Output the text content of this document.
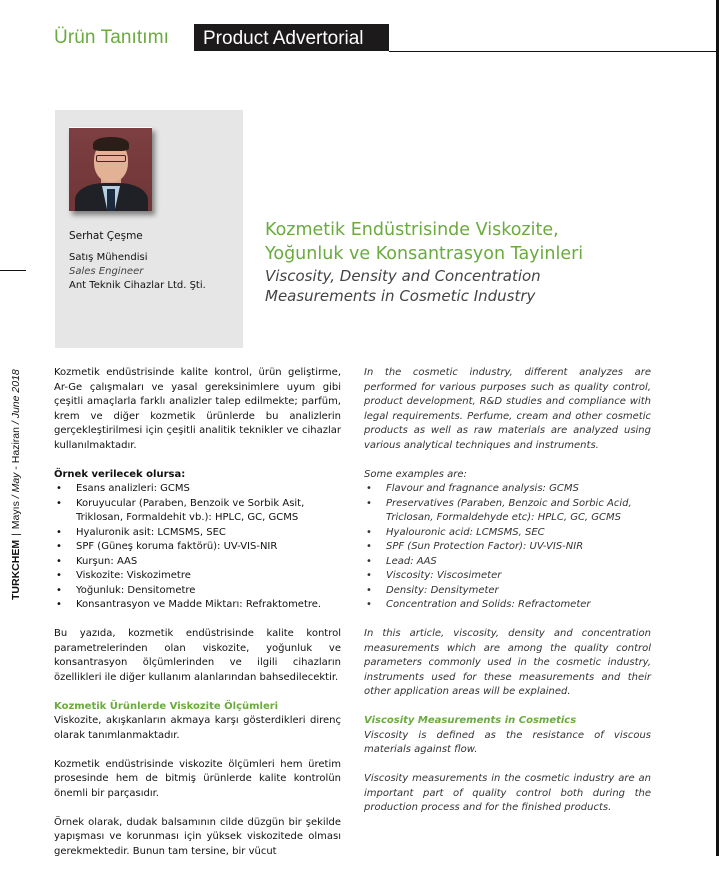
Ürün Tanıtımı	Product Advertorial
TURKCHEM|Mayıs / May - Haziran / June 2018
Serhat Çeşme
Satış Mühendisi
Sales Engineer
Ant Teknik Cihazlar Ltd. Şti.
Kozmetik Endüstrisinde Viskozite,
Yoğunluk ve Konsantrasyon Tayinleri
Viscosity, Density and Concentration
Measurements in Cosmetic Industry

Kozmetik endüstrisinde kalite kontrol, ürün geliştirme, Ar-Ge çalışmaları ve yasal gereksinimlere uyum gibi çeşitli amaçlarla farklı analizler talep edilmekte; parfüm, krem ve diğer kozmetik ürünlerde bu analizlerin gerçekleştirilmesi için çeşitli analitik teknikler ve cihazlar kullanılmaktadır.

Örnek verilecek olursa:

• Esans analizleri: GCMS
• Koruyucular (Paraben, Benzoik ve Sorbik Asit, Triklosan, Formaldehit vb.): HPLC, GC, GCMS
• Hyaluronik asit: LCMSMS, SEC
• SPF (Güneş koruma faktörü): UV-VIS-NIR
• Kurşun: AAS
• Viskozite: Viskozimetre
• Yoğunluk: Densitometre
• Konsantrasyon ve Madde Miktarı: Refraktometre.

Bu yazıda, kozmetik endüstrisinde kalite kontrol parametrelerinden olan viskozite, yoğunluk ve konsantrasyon ölçümlerinden ve ilgili cihazların özellikleri ile diğer kullanım alanlarından bahsedilecektir.

Kozmetik Ürünlerde Viskozite Ölçümleri

Viskozite, akışkanların akmaya karşı gösterdikleri direnç olarak tanımlanmaktadır.

Kozmetik endüstrisinde viskozite ölçümleri hem üretim prosesinde hem de bitmiş ürünlerde kalite kontrolün önemli bir parçasıdır.

Örnek olarak, dudak balsamının cilde düzgün bir şekilde yapışması ve korunması için yüksek viskozitede olması gerekmektedir. Bunun tam tersine, bir vücut

In the cosmetic industry, different analyzes are performed for various purposes such as quality control, product development, R&D studies and compliance with legal requirements. Perfume, cream and other cosmetic products as well as raw materials are analyzed using various analytical techniques and instruments.

Some examples are:

• Flavour and fragnance analysis: GCMS
• Preservatives (Paraben, Benzoic and Sorbic Acid, Triclosan, Formaldehyde etc): HPLC, GC, GCMS
• Hyalouronic acid: LCMSMS, SEC
• SPF (Sun Protection Factor): UV-VIS-NIR
• Lead: AAS
• Viscosity: Viscosimeter
• Density: Densitymeter
• Concentration and Solids: Refractometer

In this article, viscosity, density and concentration measurements which are among the quality control parameters commonly used in the cosmetic industry, instruments used for these measurements and their other application areas will be explained.

Viscosity Measurements in Cosmetics

Viscosity is defined as the resistance of viscous materials against flow.

Viscosity measurements in the cosmetic industry are an important part of quality control both during the production process and for the finished products.
